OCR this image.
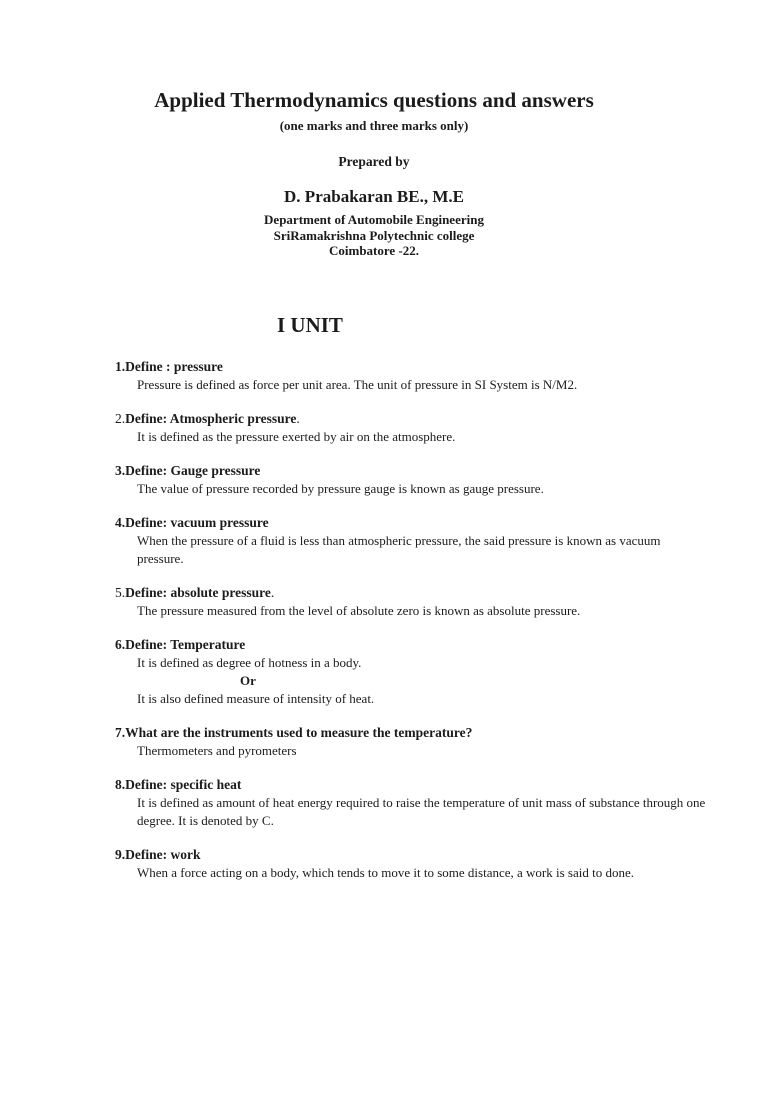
Applied Thermodynamics questions and answers
(one marks and three marks only)
Prepared by
D. Prabakaran BE., M.E
Department of Automobile Engineering
SriRamakrishna Polytechnic college
Coimbatore -22.
I UNIT
1.Define : pressure

Pressure is defined as force per unit area. The unit of pressure in SI System is N/M2.

2.Define: Atmospheric pressure.

It is defined as the pressure exerted by air on the atmosphere.

3.Define: Gauge pressure

The value of pressure recorded by pressure gauge is known as gauge pressure.

4.Define: vacuum pressure

When the pressure of a fluid is less than atmospheric pressure, the said pressure is known as vacuum pressure.

5.Define: absolute pressure.

The pressure measured from the level of absolute zero is known as absolute pressure.

6.Define: Temperature

It is defined as degree of hotness in a body.

Or

It is also defined measure of intensity of heat.

7.What are the instruments used to measure the temperature?

Thermometers and pyrometers

8.Define: specific heat

It is defined as amount of heat energy required to raise the temperature of unit mass of substance through one degree. It is denoted by C.

9.Define: work

When a force acting on a body, which tends to move it to some distance, a work is said to done.
